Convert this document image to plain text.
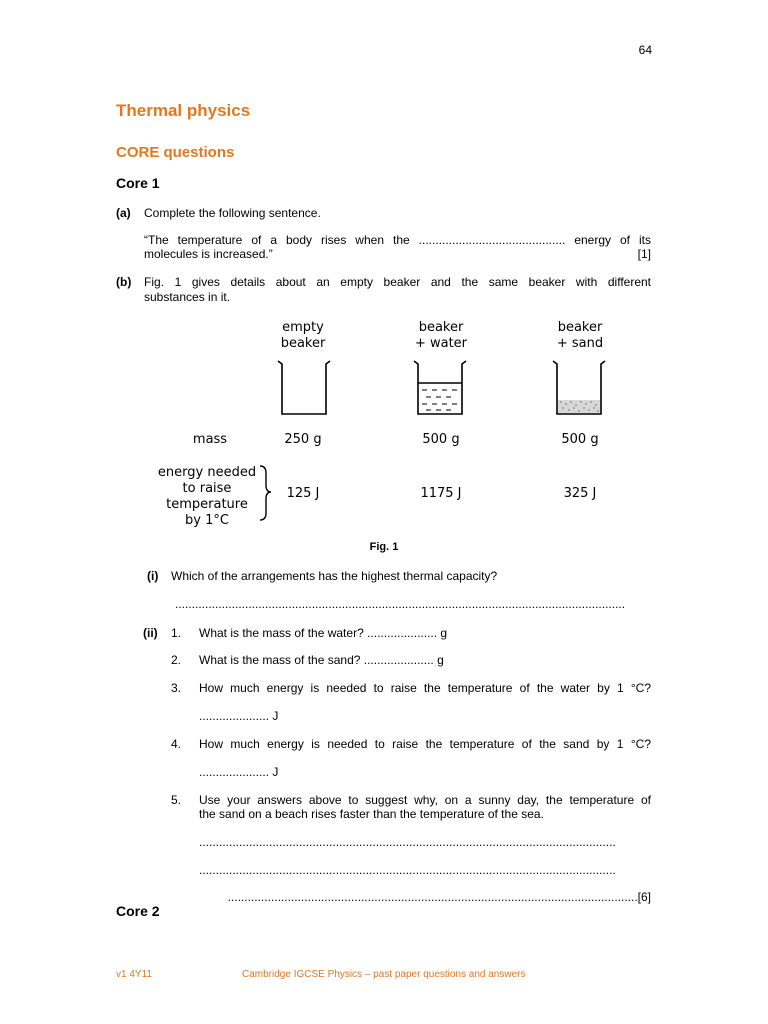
64
Thermal physics
CORE questions
Core 1
(a) Complete the following sentence.
“The temperature of a body rises when the ............................................ energy of its
molecules is increased.”	[1]
(b) Fig. 1 gives details about an empty beaker and the same beaker with different
substances in it.
empty
beaker
beaker
+ water
beaker
+ sand
mass	250 g	500 g	500 g
energy needed
to raise
temperature
by 1°C
125 J	1175 J	325 J
Fig. 1
(i) Which of the arrangements has the highest thermal capacity?
.......................................................................................................................................
(ii) 1. What is the mass of the water? ..................... g
2. What is the mass of the sand? ..................... g
3. How much energy is needed to raise the temperature of the water by 1 °C?
..................... J
4. How much energy is needed to raise the temperature of the sand by 1 °C?
..................... J
5. Use your answers above to suggest why, on a sunny day, the temperature of
the sand on a beach rises faster than the temperature of the sea.
.............................................................................................................................
.............................................................................................................................
...........................................................................................................................[6]
Core 2
v1 4Y11	Cambridge IGCSE Physics – past paper questions and answers
